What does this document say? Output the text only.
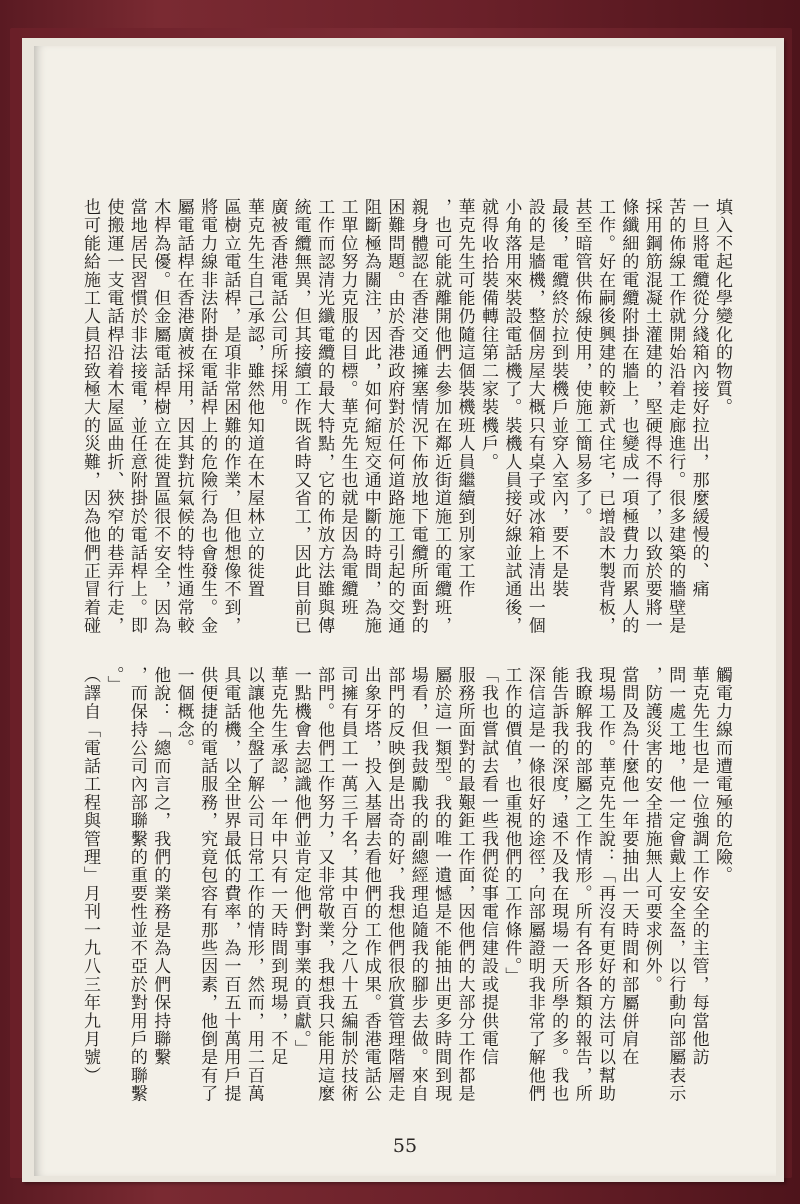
填入不起化學變化的物質。
一旦將電纜從分綫箱內接好拉出，那麼緩慢的、痛
苦的佈線工作就開始沿着走廊進行。很多建築的牆壁是
採用鋼筋混凝土灌建的，堅硬得不得了，以致於要將一
條纖細的電纜附掛在牆上，也變成一項極費力而累人的
工作。好在嗣後興建的較新式住宅，已增設木製背板，
甚至暗管供佈線使用，使施工簡易多了。
最後，電纜終於拉到裝機戶並穿入室內，要不是裝
設的是牆機，整個房屋大概只有桌子或冰箱上清出一個
小角落用來裝設電話機了。裝機人員接好線並試通後，
就得收拾裝備轉往第二家裝機戶。
華克先生可能仍隨這個裝機班人員繼續到別家工作
，也可能就離開他們去參加在鄰近街道施工的電纜班，
親身體認在香港交通擁塞情況下佈放地下電纜所面對的
困難問題。由於香港政府對於任何道路施工引起的交通
阻斷極為關注，因此，如何縮短交通中斷的時間，為施
工單位努力克服的目標。華克先生也就是因為電纜班
工作而認清光纖電纜的最大特點，它的佈放方法雖與傳
統電纜無異，但其接續工作既省時又省工，因此目前已
廣被香港電話公司所採用。
華克先生自己承認，雖然他知道在木屋林立的徙置
區樹立電話桿，是項非常困難的作業，但他想像不到，
將電力線非法附掛在電話桿上的危險行為也會發生。金
屬電話桿在香港廣被採用，因其對抗氣候的特性通常較
木桿為優。但金屬電話桿樹立在徙置區很不安全，因為
當地居民習慣於非法接電，並任意附掛於電話桿上。即
使搬運一支電話桿沿着木屋區曲折、狹窄的巷弄行走，
也可能給施工人員招致極大的災難，因為他們正冒着碰
觸電力線而遭電殛的危險。
華克先生也是一位強調工作安全的主管，每當他訪
問一處工地，他一定會戴上安全盔，以行動向部屬表示
，防護災害的安全措施無人可要求例外。
當問及為什麼他一年要抽出一天時間和部屬併肩在
現場工作。華克先生說：「再沒有更好的方法可以幫助
我瞭解我的部屬之工作情形。所有各形各類的報告，所
能告訴我的深度，遠不及我在現場一天所學的多。我也
深信這是一條很好的途徑，向部屬證明我非常了解他們
工作的價值，也重視他們的工作條件。」
「我也嘗試去看一些我們從事電信建設或提供電信
服務所面對的最艱鉅工作面，因他們的大部分工作都是
屬於這一類型。我的唯一遺憾是不能抽出更多時間到現
場看，但我鼓勵我的副總經理追隨我的腳步去做。來自
部門的反映倒是出奇的好，我想他們很欣賞管理階層走
出象牙塔，投入基層去看他們的工作成果。香港電話公
司擁有員工一萬三千名，其中百分之八十五編制於技術
部門。他們工作努力，又非常敬業，我想我只能用這麼
一點機會去認識他們並肯定他們對事業的貢獻。」
華克先生承認，一年中只有一天時間到現場，不足
以讓他全盤了解公司日常工作的情形，然而，用二百萬
具電話機，以全世界最低的費率，為一百五十萬用戶提
供便捷的電話服務，究竟包容有那些因素，他倒是有了
一個概念。
他說：「總而言之，我們的業務是為人們保持聯繫
，而保持公司內部聯繫的重要性並不亞於對用戶的聯繫
。」
（譯自「電話工程與管理」月刊一九八三年九月號）
55
